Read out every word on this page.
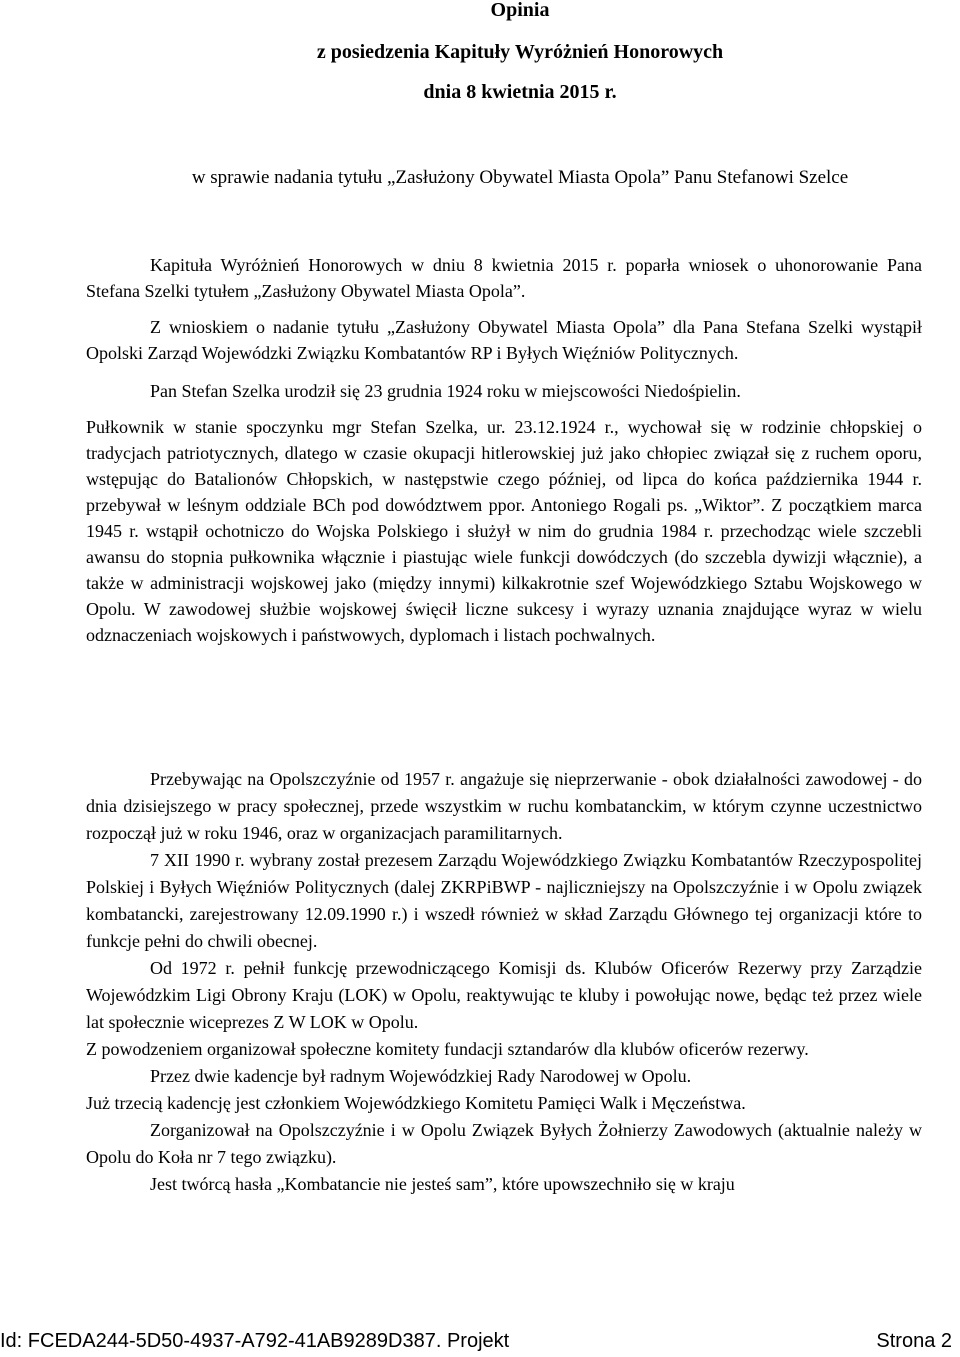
Opinia
z posiedzenia Kapituły Wyróżnień Honorowych
dnia 8 kwietnia 2015 r.
w sprawie nadania tytułu „Zasłużony Obywatel Miasta Opola” Panu Stefanowi Szelce

Kapituła Wyróżnień Honorowych w dniu 8 kwietnia 2015 r. poparła wniosek o uhonorowanie Pana Stefana Szelki tytułem „Zasłużony Obywatel Miasta Opola”.

Z wnioskiem o nadanie tytułu „Zasłużony Obywatel Miasta Opola” dla Pana Stefana Szelki wystąpił Opolski Zarząd Wojewódzki Związku Kombatantów RP i Byłych Więźniów Politycznych.

Pan Stefan Szelka urodził się 23 grudnia 1924 roku w miejscowości Niedośpielin.

Pułkownik w stanie spoczynku mgr Stefan Szelka, ur. 23.12.1924 r., wychował się w rodzinie chłopskiej o tradycjach patriotycznych, dlatego w czasie okupacji hitlerowskiej już jako chłopiec związał się z ruchem oporu, wstępując do Batalionów Chłopskich, w następstwie czego później, od lipca do końca października 1944 r. przebywał w leśnym oddziale BCh pod dowództwem ppor. Antoniego Rogali ps. „Wiktor”. Z początkiem marca 1945 r. wstąpił ochotniczo do Wojska Polskiego i służył w nim do grudnia 1984 r. przechodząc wiele szczebli awansu do stopnia pułkownika włącznie i piastując wiele funkcji dowódczych (do szczebla dywizji włącznie), a także w administracji wojskowej jako (między innymi) kilkakrotnie szef Wojewódzkiego Sztabu Wojskowego w Opolu. W zawodowej służbie wojskowej święcił liczne sukcesy i wyrazy uznania znajdujące wyraz w wielu odznaczeniach wojskowych i państwowych, dyplomach i listach pochwalnych.

Przebywając na Opolszczyźnie od 1957 r. angażuje się nieprzerwanie - obok działalności zawodowej - do dnia dzisiejszego w pracy społecznej, przede wszystkim w ruchu kombatanckim, w którym czynne uczestnictwo rozpoczął już w roku 1946, oraz w organizacjach paramilitarnych.

7 XII 1990 r. wybrany został prezesem Zarządu Wojewódzkiego Związku Kombatantów Rzeczypospolitej Polskiej i Byłych Więźniów Politycznych (dalej ZKRPiBWP - najliczniejszy na Opolszczyźnie i w Opolu związek kombatancki, zarejestrowany 12.09.1990 r.) i wszedł również w skład Zarządu Głównego tej organizacji które to funkcje pełni do chwili obecnej.

Od 1972 r. pełnił funkcję przewodniczącego Komisji ds. Klubów Oficerów Rezerwy przy Zarządzie Wojewódzkim Ligi Obrony Kraju (LOK) w Opolu, reaktywując te kluby i powołując nowe, będąc też przez wiele lat społecznie wiceprezes Z W LOK w Opolu.

Z powodzeniem organizował społeczne komitety fundacji sztandarów dla klubów oficerów rezerwy.

Przez dwie kadencje był radnym Wojewódzkiej Rady Narodowej w Opolu.

Już trzecią kadencję jest członkiem Wojewódzkiego Komitetu Pamięci Walk i Męczeństwa.

Zorganizował na Opolszczyźnie i w Opolu Związek Byłych Żołnierzy Zawodowych (aktualnie należy w Opolu do Koła nr 7 tego związku).

Jest twórcą hasła „Kombatancie nie jesteś sam”, które upowszechniło się w kraju

Id: FCEDA244-5D50-4937-A792-41AB9289D387. Projekt	Strona 2
